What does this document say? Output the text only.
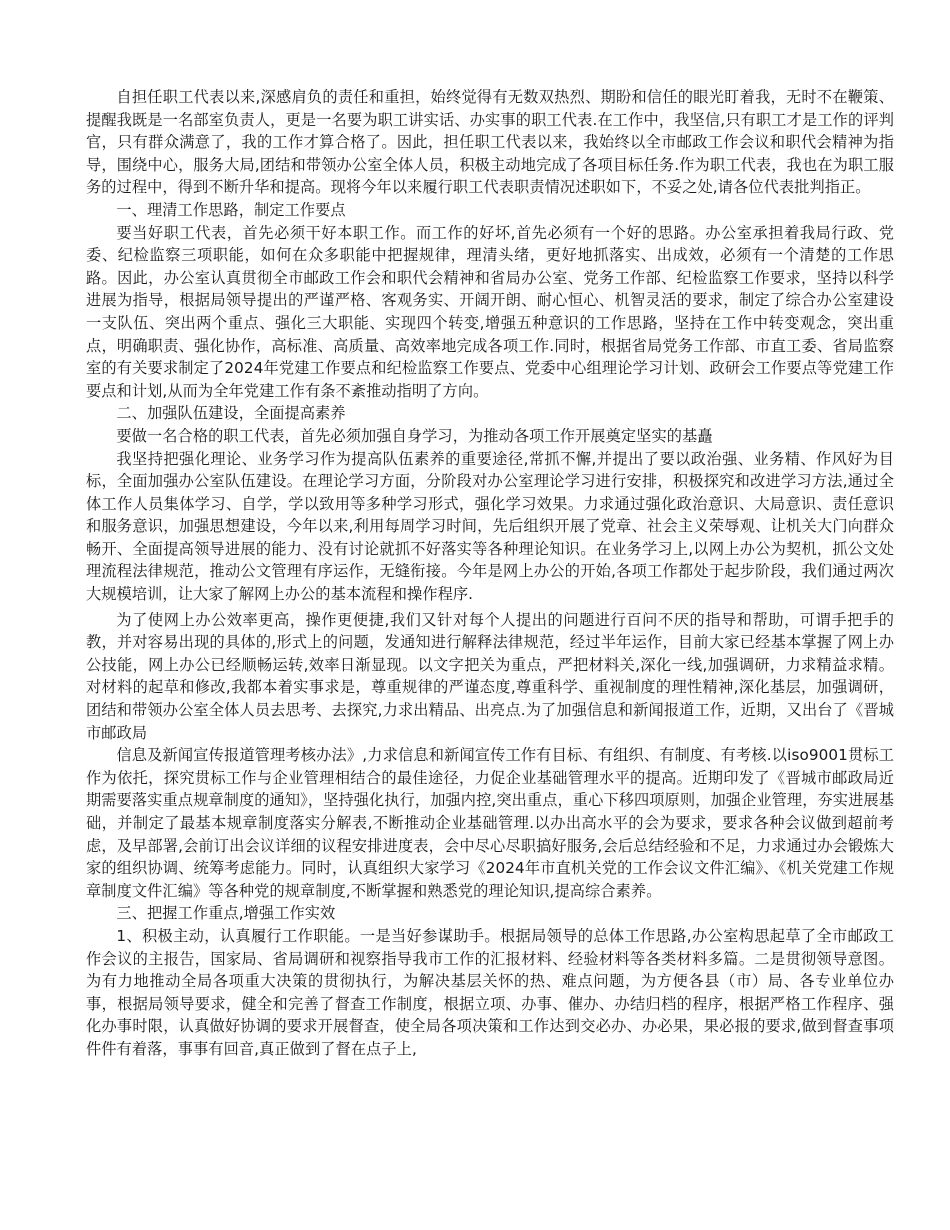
自担任职工代表以来,深感肩负的责任和重担，始终觉得有无数双热烈、期盼和信任的眼光盯着我，无时不在鞭策、提醒我既是一名部室负责人，更是一名要为职工讲实话、办实事的职工代表.在工作中，我坚信,只有职工才是工作的评判官，只有群众满意了，我的工作才算合格了。因此，担任职工代表以来，我始终以全市邮政工作会议和职代会精神为指导，围绕中心，服务大局,团结和带领办公室全体人员，积极主动地完成了各项目标任务.作为职工代表，我也在为职工服务的过程中，得到不断升华和提高。现将今年以来履行职工代表职责情况述职如下，不妥之处,请各位代表批判指正。

一、理清工作思路，制定工作要点

要当好职工代表，首先必须干好本职工作。而工作的好坏,首先必须有一个好的思路。办公室承担着我局行政、党委、纪检监察三项职能，如何在众多职能中把握规律，理清头绪，更好地抓落实、出成效，必须有一个清楚的工作思路。因此，办公室认真贯彻全市邮政工作会和职代会精神和省局办公室、党务工作部、纪检监察工作要求，坚持以科学进展为指导，根据局领导提出的严谨严格、客观务实、开阔开朗、耐心恒心、机智灵活的要求，制定了综合办公室建设一支队伍、突出两个重点、强化三大职能、实现四个转变,增强五种意识的工作思路，坚持在工作中转变观念，突出重点，明确职责、强化协作，高标准、高质量、高效率地完成各项工作.同时，根据省局党务工作部、市直工委、省局监察室的有关要求制定了2024年党建工作要点和纪检监察工作要点、党委中心组理论学习计划、政研会工作要点等党建工作要点和计划,从而为全年党建工作有条不紊推动指明了方向。

二、加强队伍建设，全面提高素养

要做一名合格的职工代表，首先必须加强自身学习，为推动各项工作开展奠定坚实的基矗

我坚持把强化理论、业务学习作为提高队伍素养的重要途径,常抓不懈,并提出了要以政治强、业务精、作风好为目标，全面加强办公室队伍建设。在理论学习方面，分阶段对办公室理论学习进行安排，积极探究和改进学习方法,通过全体工作人员集体学习、自学，学以致用等多种学习形式，强化学习效果。力求通过强化政治意识、大局意识、责任意识和服务意识，加强思想建设，今年以来,利用每周学习时间，先后组织开展了党章、社会主义荣辱观、让机关大门向群众畅开、全面提高领导进展的能力、没有讨论就抓不好落实等各种理论知识。在业务学习上,以网上办公为契机，抓公文处理流程法律规范，推动公文管理有序运作，无缝衔接。今年是网上办公的开始,各项工作都处于起步阶段，我们通过两次大规模培训，让大家了解网上办公的基本流程和操作程序.

为了使网上办公效率更高，操作更便捷,我们又针对每个人提出的问题进行百问不厌的指导和帮助，可谓手把手的教，并对容易出现的具体的,形式上的问题，发通知进行解释法律规范，经过半年运作，目前大家已经基本掌握了网上办公技能，网上办公已经顺畅运转,效率日渐显现。以文字把关为重点，严把材料关,深化一线,加强调研，力求精益求精。对材料的起草和修改,我都本着实事求是，尊重规律的严谨态度,尊重科学、重视制度的理性精神,深化基层，加强调研，团结和带领办公室全体人员去思考、去探究,力求出精品、出亮点.为了加强信息和新闻报道工作，近期，又出台了《晋城市邮政局

信息及新闻宣传报道管理考核办法》,力求信息和新闻宣传工作有目标、有组织、有制度、有考核.以iso9001贯标工作为依托，探究贯标工作与企业管理相结合的最佳途径，力促企业基础管理水平的提高。近期印发了《晋城市邮政局近期需要落实重点规章制度的通知》，坚持强化执行，加强内控,突出重点，重心下移四项原则，加强企业管理，夯实进展基础，并制定了最基本规章制度落实分解表,不断推动企业基础管理.以办出高水平的会为要求，要求各种会议做到超前考虑，及早部署,会前订出会议详细的议程安排进度表，会中尽心尽职搞好服务,会后总结经验和不足，力求通过办会锻炼大家的组织协调、统筹考虑能力。同时，认真组织大家学习《2024年市直机关党的工作会议文件汇编》、《机关党建工作规章制度文件汇编》等各种党的规章制度,不断掌握和熟悉党的理论知识,提高综合素养。

三、把握工作重点,增强工作实效

1、积极主动，认真履行工作职能。一是当好参谋助手。根据局领导的总体工作思路,办公室构思起草了全市邮政工作会议的主报告，国家局、省局调研和视察指导我市工作的汇报材料、经验材料等各类材料多篇。二是贯彻领导意图。为有力地推动全局各项重大决策的贯彻执行，为解决基层关怀的热、难点问题，为方便各县（市）局、各专业单位办事，根据局领导要求，健全和完善了督查工作制度，根据立项、办事、催办、办结归档的程序，根据严格工作程序、强化办事时限，认真做好协调的要求开展督查，使全局各项决策和工作达到交必办、办必果，果必报的要求,做到督查事项件件有着落，事事有回音,真正做到了督在点子上,
